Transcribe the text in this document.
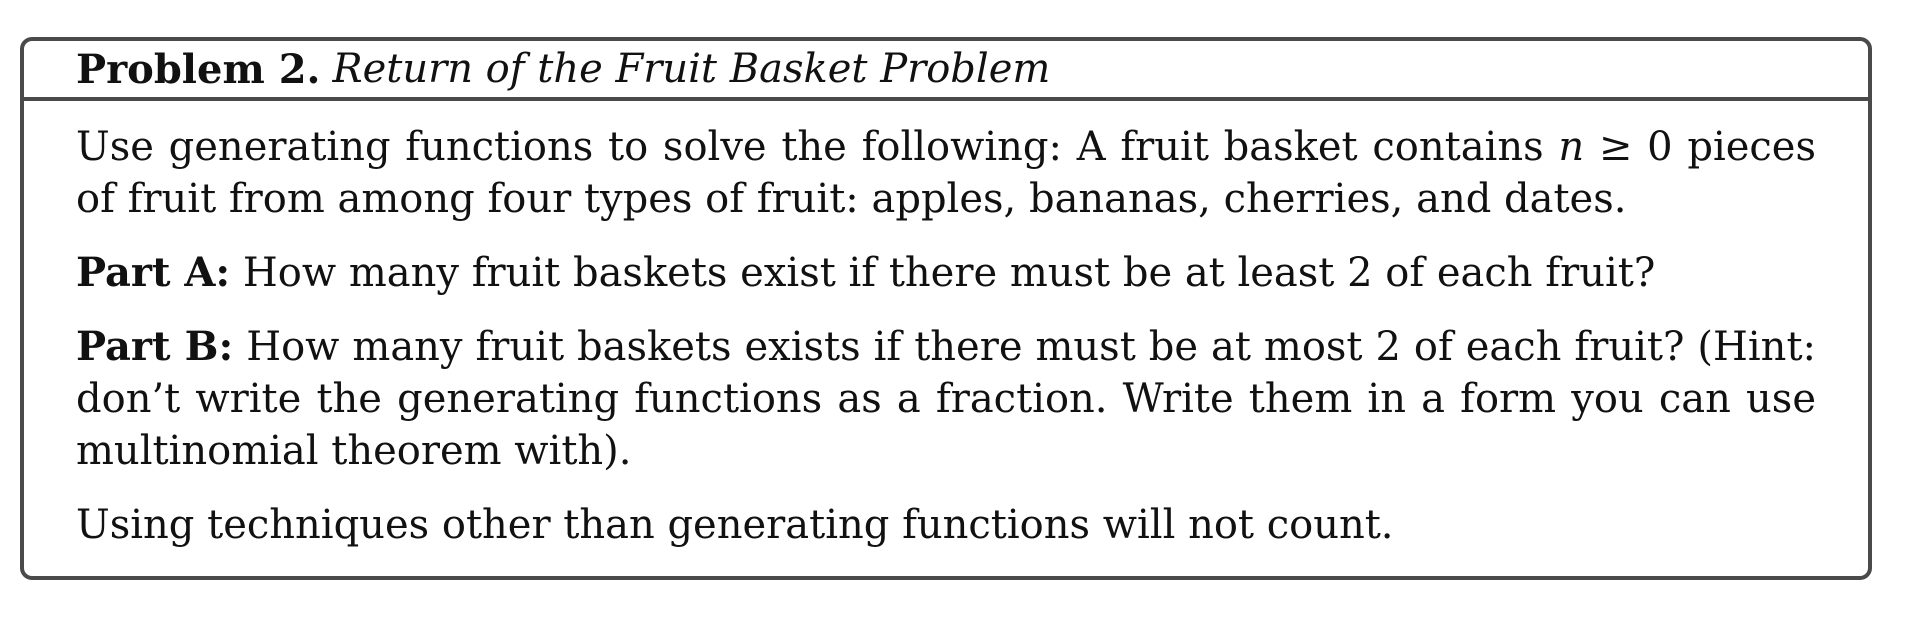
Problem 2. Return of the Fruit Basket Problem

Use generating functions to solve the following: A fruit basket contains n ≥ 0 pieces of fruit from among four types of fruit: apples, bananas, cherries, and dates.

Part A: How many fruit baskets exist if there must be at least 2 of each fruit?

Part B: How many fruit baskets exists if there must be at most 2 of each fruit? (Hint: don’t write the generating functions as a fraction. Write them in a form you can use multinomial theorem with).

Using techniques other than generating functions will not count.
